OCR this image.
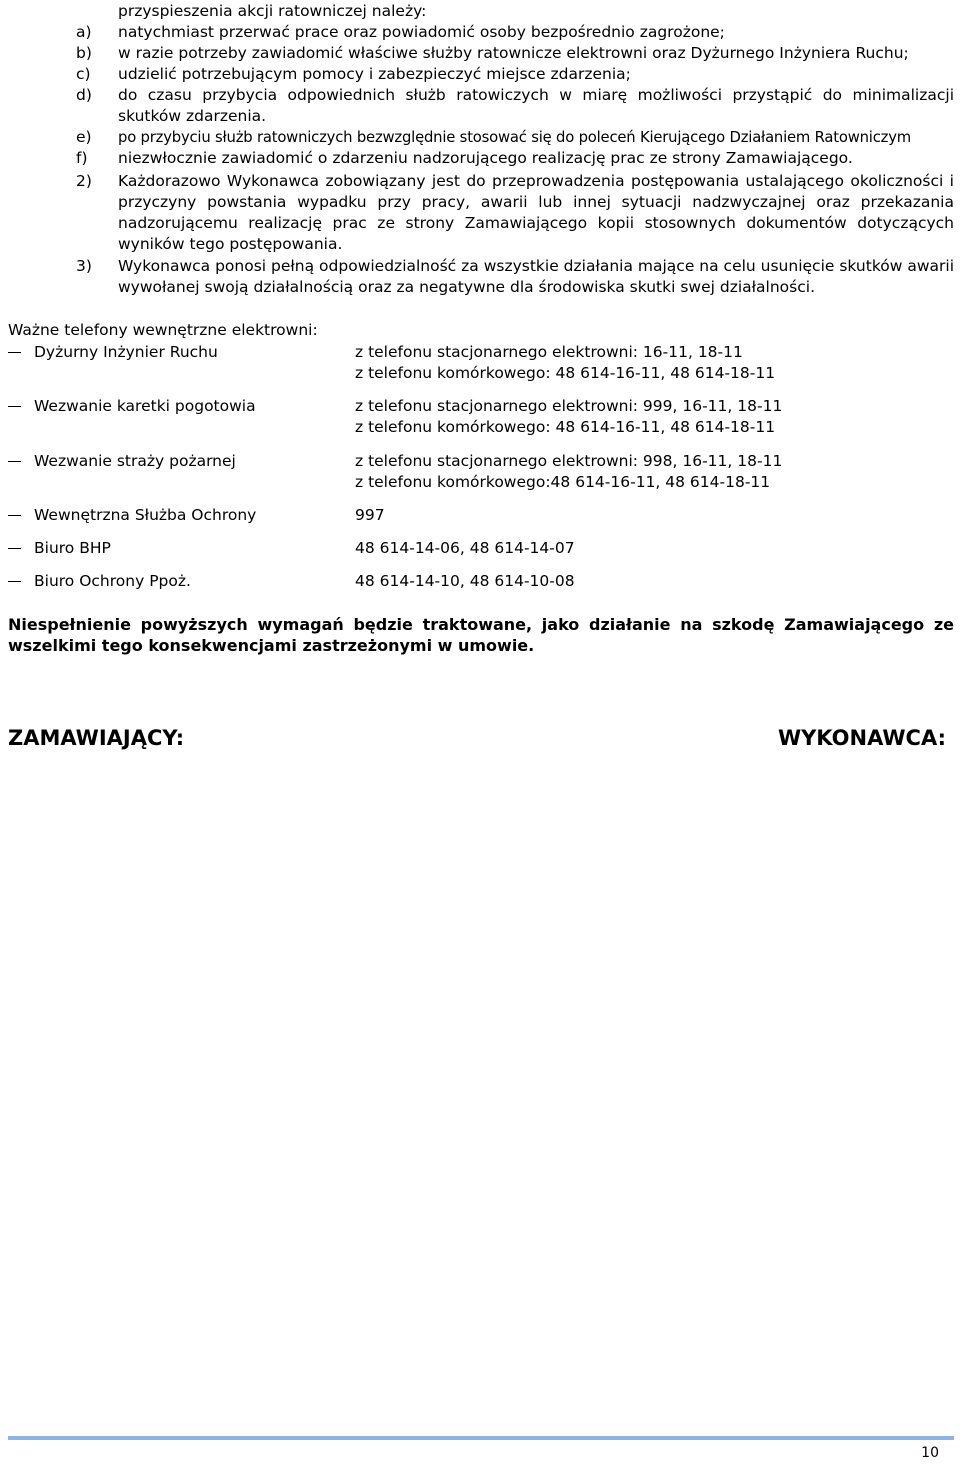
przyspieszenia akcji ratowniczej należy:
a) natychmiast przerwać prace oraz powiadomić osoby bezpośrednio zagrożone;
b) w razie potrzeby zawiadomić właściwe służby ratownicze elektrowni oraz Dyżurnego Inżyniera Ruchu;
c) udzielić potrzebującym pomocy i zabezpieczyć miejsce zdarzenia;
d) do czasu przybycia odpowiednich służb ratowiczych w miarę możliwości przystąpić do minimalizacji skutków zdarzenia.
e) po przybyciu służb ratowniczych bezwzględnie stosować się do poleceń Kierującego Działaniem Ratowniczym
f) niezwłocznie zawiadomić o zdarzeniu nadzorującego realizację prac ze strony Zamawiającego.
2) Każdorazowo Wykonawca zobowiązany jest do przeprowadzenia postępowania ustalającego okoliczności i przyczyny powstania wypadku przy pracy, awarii lub innej sytuacji nadzwyczajnej oraz przekazania nadzorującemu realizację prac ze strony Zamawiającego kopii stosownych dokumentów dotyczących wyników tego postępowania.
3) Wykonawca ponosi pełną odpowiedzialność za wszystkie działania mające na celu usunięcie skutków awarii wywołanej swoją działalnością oraz za negatywne dla środowiska skutki swej działalności.
Ważne telefony wewnętrzne elektrowni:
Dyżurny Inżynier Ruchu	z telefonu stacjonarnego elektrowni: 16-11, 18-11
z telefonu komórkowego: 48 614-16-11, 48 614-18-11
Wezwanie karetki pogotowia	z telefonu stacjonarnego elektrowni: 999, 16-11, 18-11
z telefonu komórkowego: 48 614-16-11, 48 614-18-11
Wezwanie straży pożarnej	z telefonu stacjonarnego elektrowni: 998, 16-11, 18-11
z telefonu komórkowego:48 614-16-11, 48 614-18-11
Wewnętrzna Służba Ochrony	997
Biuro BHP	48 614-14-06, 48 614-14-07
Biuro Ochrony Ppoż.	48 614-14-10, 48 614-10-08
Niespełnienie powyższych wymagań będzie traktowane, jako działanie na szkodę Zamawiającego ze wszelkimi tego konsekwencjami zastrzeżonymi w umowie.
ZAMAWIAJĄCY:	WYKONAWCA:
10
